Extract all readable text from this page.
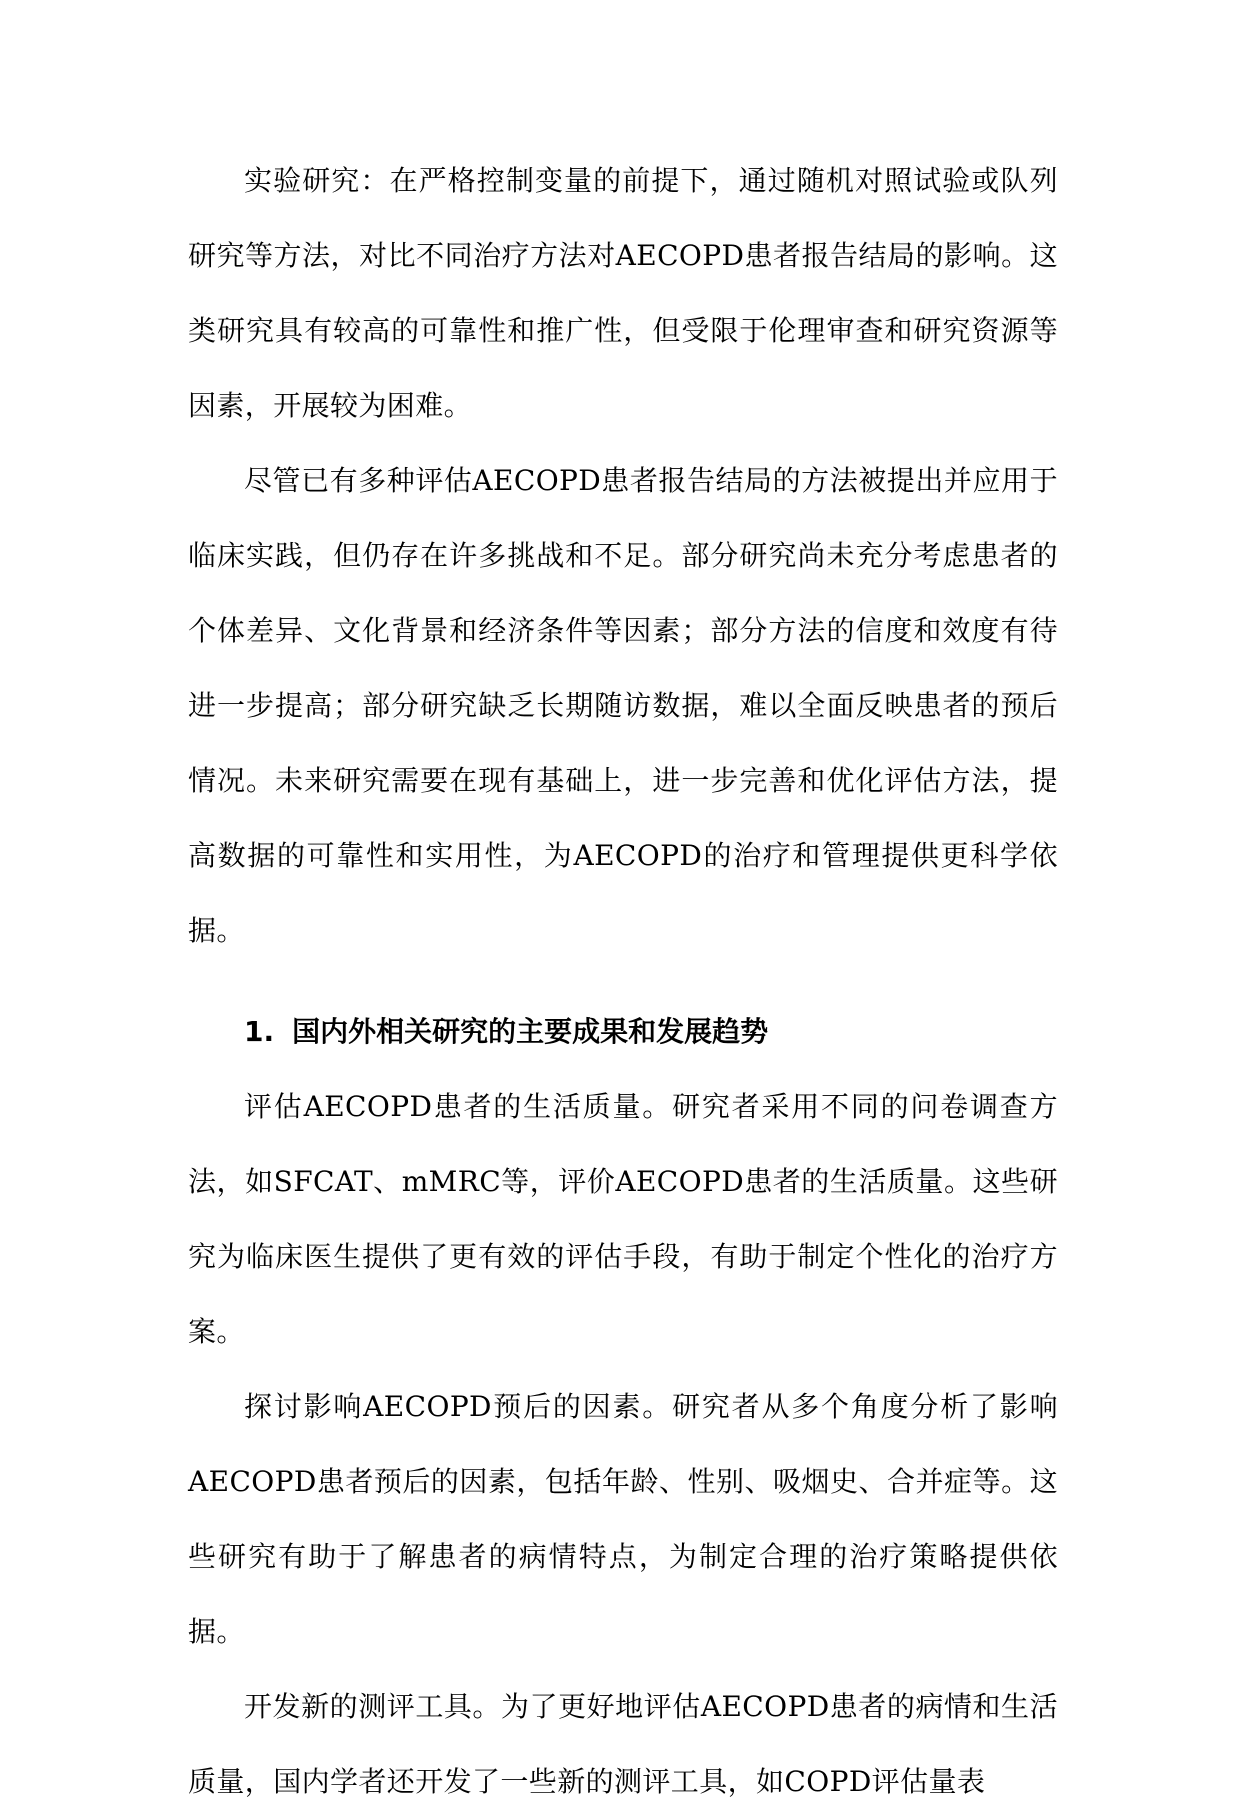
实验研究：在严格控制变量的前提下，通过随机对照试验或队列研究等方法，对比不同治疗方法对AECOPD患者报告结局的影响。这类研究具有较高的可靠性和推广性，但受限于伦理审查和研究资源等因素，开展较为困难。

尽管已有多种评估AECOPD患者报告结局的方法被提出并应用于临床实践，但仍存在许多挑战和不足。部分研究尚未充分考虑患者的个体差异、文化背景和经济条件等因素；部分方法的信度和效度有待进一步提高；部分研究缺乏长期随访数据，难以全面反映患者的预后情况。未来研究需要在现有基础上，进一步完善和优化评估方法，提高数据的可靠性和实用性，为AECOPD的治疗和管理提供更科学依据。

1. 国内外相关研究的主要成果和发展趋势

评估AECOPD患者的生活质量。研究者采用不同的问卷调查方法，如SFCAT、mMRC等，评价AECOPD患者的生活质量。这些研究为临床医生提供了更有效的评估手段，有助于制定个性化的治疗方案。

探讨影响AECOPD预后的因素。研究者从多个角度分析了影响AECOPD患者预后的因素，包括年龄、性别、吸烟史、合并症等。这些研究有助于了解患者的病情特点，为制定合理的治疗策略提供依据。

开发新的测评工具。为了更好地评估AECOPD患者的病情和生活质量，国内学者还开发了一些新的测评工具，如COPD评估量表
